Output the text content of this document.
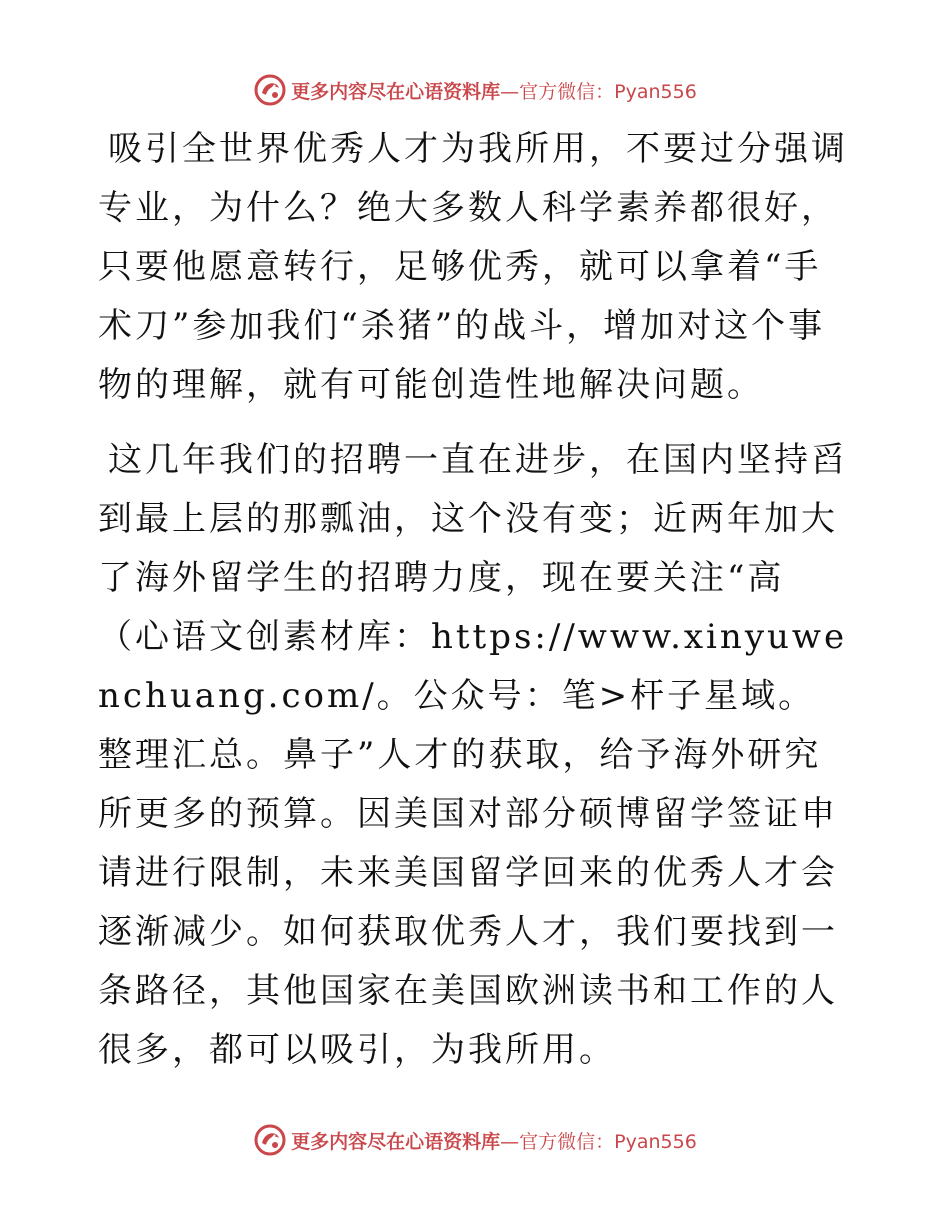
更多内容尽在心语资料库 —官方微信：Pyan556

吸引全世界优秀人才为我所用，不要过分强调专业，为什么？绝大多数人科学素养都很好，只要他愿意转行，足够优秀，就可以拿着“手术刀”参加我们“杀猪”的战斗，增加对这个事物的理解，就有可能创造性地解决问题。

这几年我们的招聘一直在进步，在国内坚持舀到最上层的那瓢油，这个没有变；近两年加大了海外留学生的招聘力度，现在要关注“高（心语文创素材库：https://www.xinyuwenchuang.com/。公众号：笔>杆子星域。整理汇总。鼻子”人才的获取，给予海外研究所更多的预算。因美国对部分硕博留学签证申请进行限制，未来美国留学回来的优秀人才会逐渐减少。如何获取优秀人才，我们要找到一条路径，其他国家在美国欧洲读书和工作的人很多，都可以吸引，为我所用。

更多内容尽在心语资料库 —官方微信：Pyan556
